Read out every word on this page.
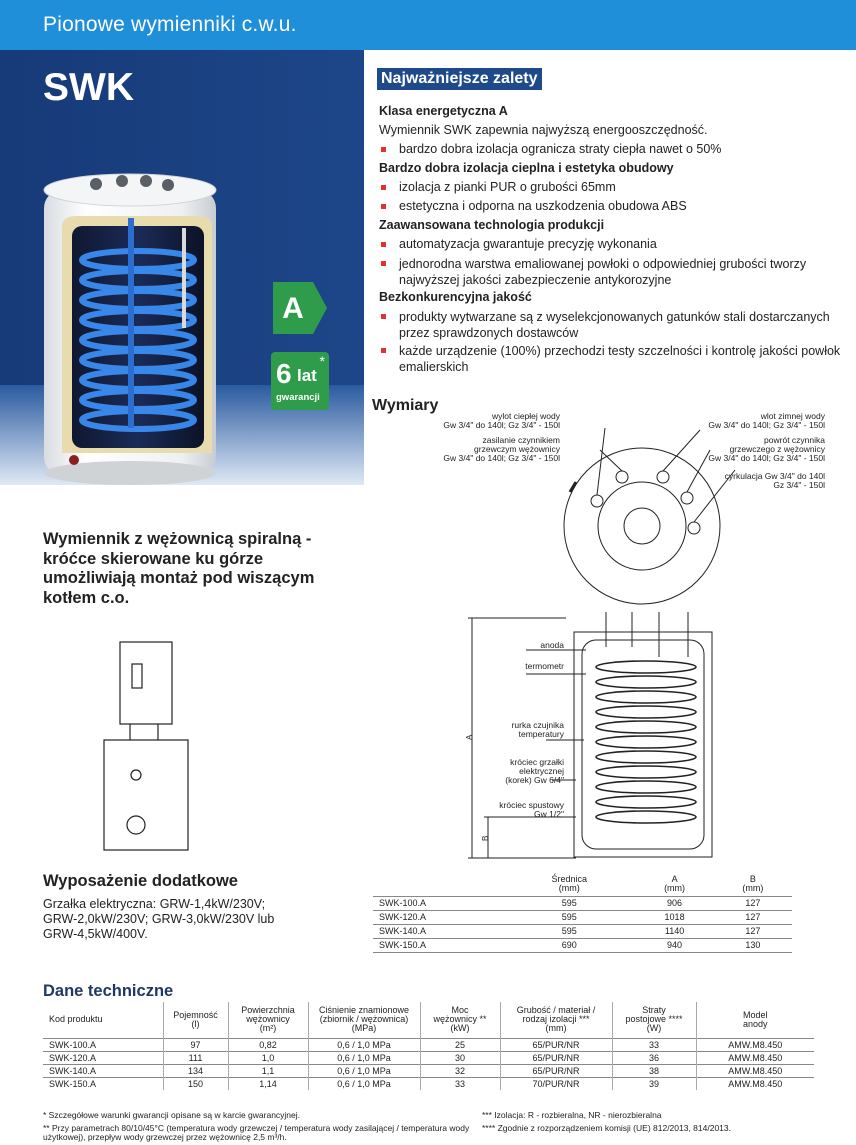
Pionowe wymienniki c.w.u.
SWK
A
6 lat
*
gwarancji
Najważniejsze zalety
Klasa energetyczna A
Wymiennik SWK zapewnia najwyższą energooszczędność.
bardzo dobra izolacja ogranicza straty ciepła nawet o 50%
Bardzo dobra izolacja cieplna i estetyka obudowy
izolacja z pianki PUR o grubości 65mm
estetyczna i odporna na uszkodzenia obudowa ABS
Zaawansowana technologia produkcji
automatyzacja gwarantuje precyzję wykonania
jednorodna warstwa emaliowanej powłoki o odpowiedniej grubości tworzy najwyższej jakości zabezpieczenie antykorozyjne
Bezkonkurencyjna jakość
produkty wytwarzane są z wyselekcjonowanych gatunków stali dostarczanych przez sprawdzonych dostawców
każde urządzenie (100%) przechodzi testy szczelności i kontrolę jakości powłok emalierskich
Wymiary
wylot ciepłej wody
Gw 3/4" do 140l; Gz 3/4" - 150l
zasilanie czynnikiem
grzewczym wężownicy
Gw 3/4" do 140l; Gz 3/4" - 150l
wlot zimnej wody
Gw 3/4" do 140l; Gz 3/4" - 150l
powrót czynnika
grzewczego z wężownicy
Gw 3/4" do 140l; Gz 3/4" - 150l
cyrkulacja Gw 3/4" do 140l
Gz 3/4" - 150l
A
B
anoda
termometr
rurka czujnika
temperatury
króciec grzałki
elektrycznej
(korek) Gw 6/4"
króciec spustowy
Gw 1/2"
	Średnica
(mm)	A
(mm)	B
(mm)
SWK-100.A	595	906	127
SWK-120.A	595	1018	127
SWK-140.A	595	1140	127
SWK-150.A	690	940	130
Wymiennik z wężownicą spiralną - króćce skierowane ku górze umożliwiają montaż pod wiszącym kotłem c.o.
Wyposażenie dodatkowe
Grzałka elektryczna: GRW-1,4kW/230V; GRW-2,0kW/230V; GRW-3,0kW/230V lub GRW-4,5kW/400V.
Dane techniczne
Kod produktu	Pojemność
(l)	Powierzchnia
wężownicy
(m²)	Ciśnienie znamionowe
(zbiornik / wężownica)
(MPa)	Moc
wężownicy **
(kW)	Grubość / materiał /
rodzaj izolacji ***
(mm)	Straty
postojowe ****
(W)	Model
anody
SWK-100.A	97	0,82	0,6 / 1,0 MPa	25	65/PUR/NR	33	AMW.M8.450
SWK-120.A	111	1,0	0,6 / 1,0 MPa	30	65/PUR/NR	36	AMW.M8.450
SWK-140.A	134	1,1	0,6 / 1,0 MPa	32	65/PUR/NR	38	AMW.M8.450
SWK-150.A	150	1,14	0,6 / 1,0 MPa	33	70/PUR/NR	39	AMW.M8.450
* Szczegółowe warunki gwarancji opisane są w karcie gwarancyjnej.
** Przy parametrach 80/10/45°C (temperatura wody grzewczej / temperatura wody zasilającej / temperatura wody użytkowej), przepływ wody grzewczej przez wężownicę 2,5 m³/h.
*** Izolacja: R - rozbieralna, NR - nierozbieralna
**** Zgodnie z rozporządzeniem komisji (UE) 812/2013, 814/2013.
